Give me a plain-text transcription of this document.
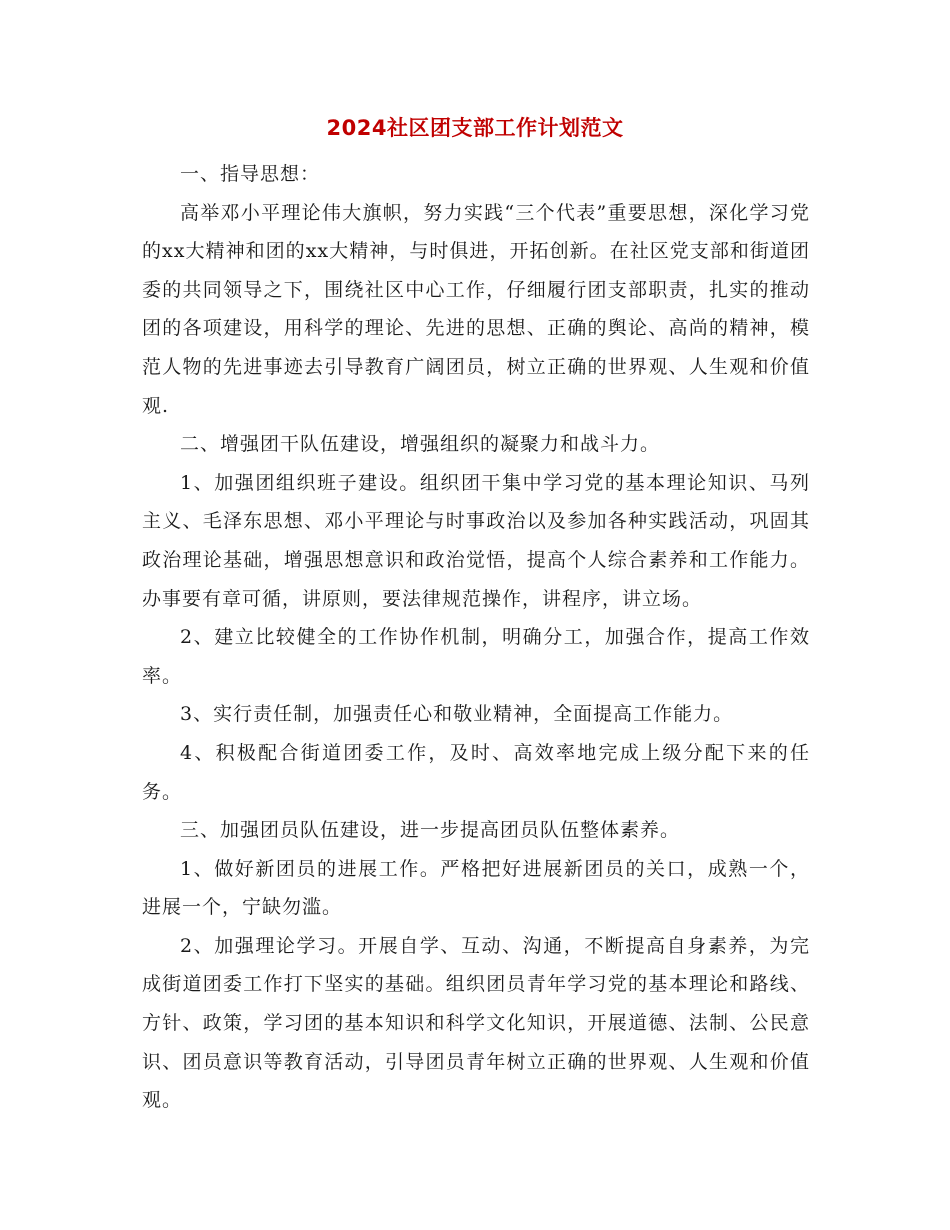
2024社区团支部工作计划范文

一、指导思想：

高举邓小平理论伟大旗帜，努力实践“三个代表”重要思想，深化学习党的xx大精神和团的xx大精神，与时俱进，开拓创新。在社区党支部和街道团委的共同领导之下，围绕社区中心工作，仔细履行团支部职责，扎实的推动团的各项建设，用科学的理论、先进的思想、正确的舆论、高尚的精神，模范人物的先进事迹去引导教育广阔团员，树立正确的世界观、人生观和价值观.

二、增强团干队伍建设，增强组织的凝聚力和战斗力。

1、加强团组织班子建设。组织团干集中学习党的基本理论知识、马列主义、毛泽东思想、邓小平理论与时事政治以及参加各种实践活动，巩固其政治理论基础，增强思想意识和政治觉悟，提高个人综合素养和工作能力。办事要有章可循，讲原则，要法律规范操作，讲程序，讲立场。

2、建立比较健全的工作协作机制，明确分工，加强合作，提高工作效率。

3、实行责任制，加强责任心和敬业精神，全面提高工作能力。

4、积极配合街道团委工作，及时、高效率地完成上级分配下来的任务。

三、加强团员队伍建设，进一步提高团员队伍整体素养。

1、做好新团员的进展工作。严格把好进展新团员的关口，成熟一个，进展一个，宁缺勿滥。

2、加强理论学习。开展自学、互动、沟通，不断提高自身素养，为完成街道团委工作打下坚实的基础。组织团员青年学习党的基本理论和路线、方针、政策，学习团的基本知识和科学文化知识，开展道德、法制、公民意识、团员意识等教育活动，引导团员青年树立正确的世界观、人生观和价值观。
